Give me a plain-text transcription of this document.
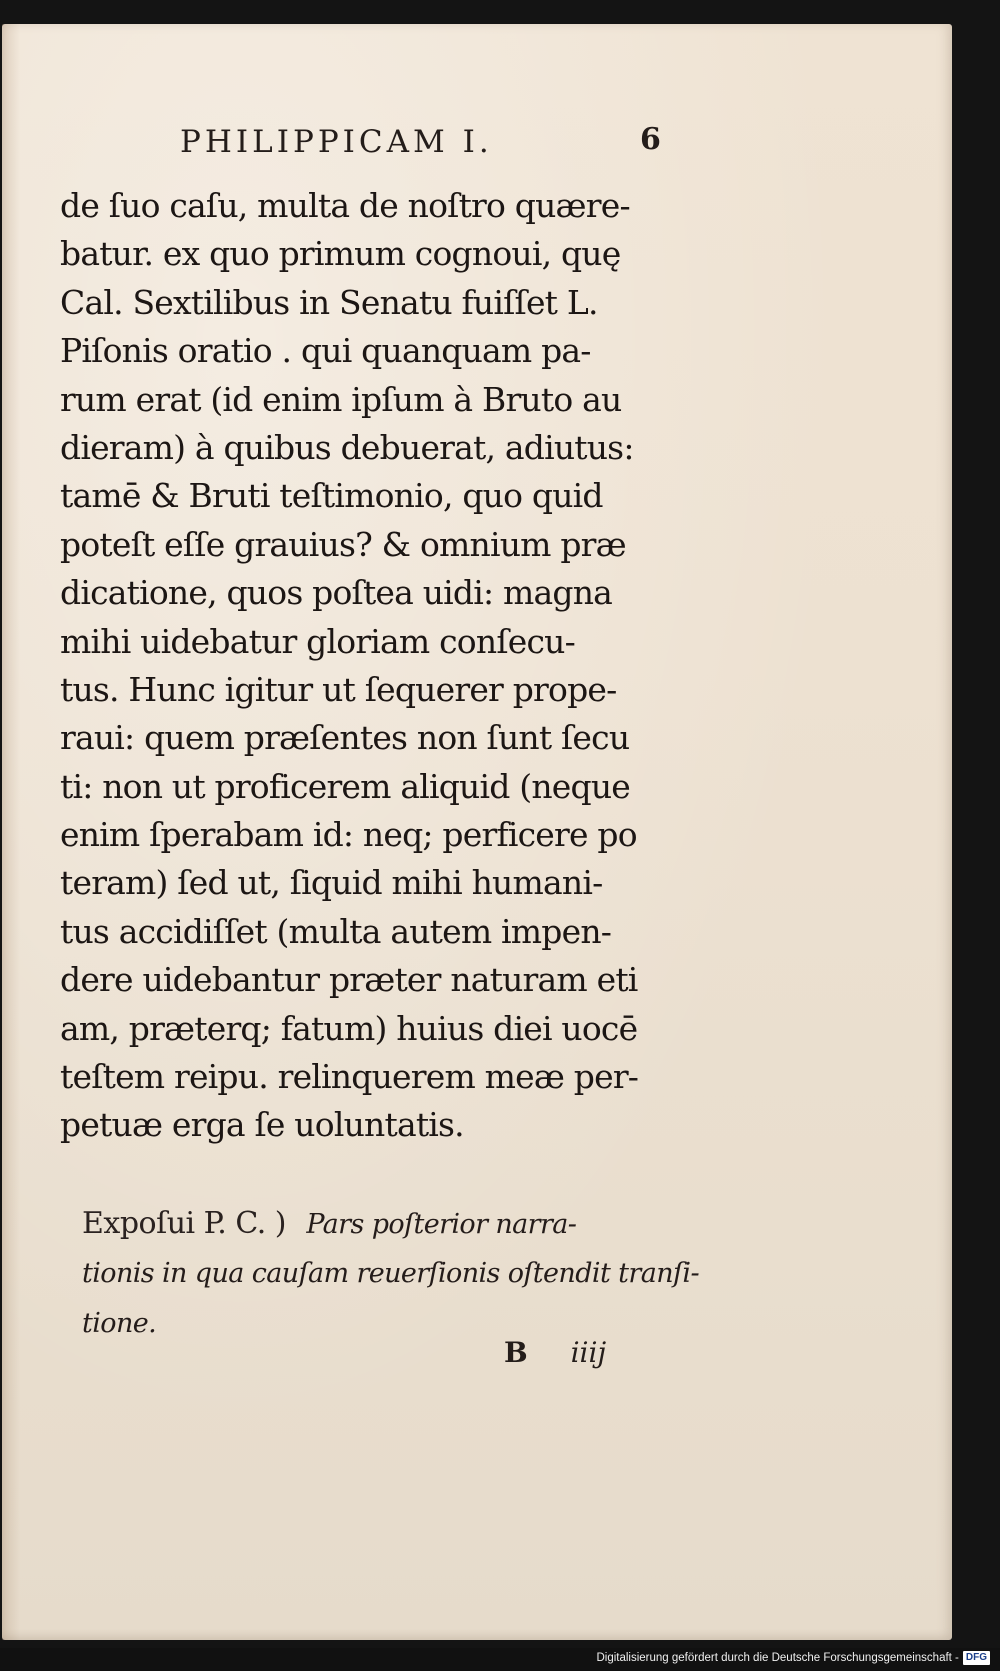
PHILIPPICAM I.	6
de ſuo caſu, multa de noſtro quære-
batur. ex quo primum cognoui, quę
Cal. Sextilibus in Senatu fuiſſet L.
Piſonis oratio . qui quanquam pa-
rum erat (id enim ipſum à Bruto au
dieram) à quibus debuerat, adiutus:
tamē & Bruti teſtimonio, quo quid
poteſt eſſe grauius? & omnium præ
dicatione, quos poſtea uidi: magna
mihi uidebatur gloriam conſecu-
tus. Hunc igitur ut ſequerer prope-
raui: quem præſentes non ſunt ſecu
ti: non ut proficerem aliquid (neque
enim ſperabam id: neq; perficere po
teram) ſed ut, ſiquid mihi humani-
tus accidiſſet (multa autem impen-
dere uidebantur præter naturam eti
am, præterq; fatum) huius diei uocē
teſtem reipu. relinquerem meæ per-
petuæ erga ſe uoluntatis.
Expoſui P. C. ) Pars poſterior narra-
tionis in qua cauſam reuerſionis oſtendit tranſi-
tione.
B iiij
Digitalisierung gefördert durch die Deutsche Forschungsgemeinschaft - DFG
